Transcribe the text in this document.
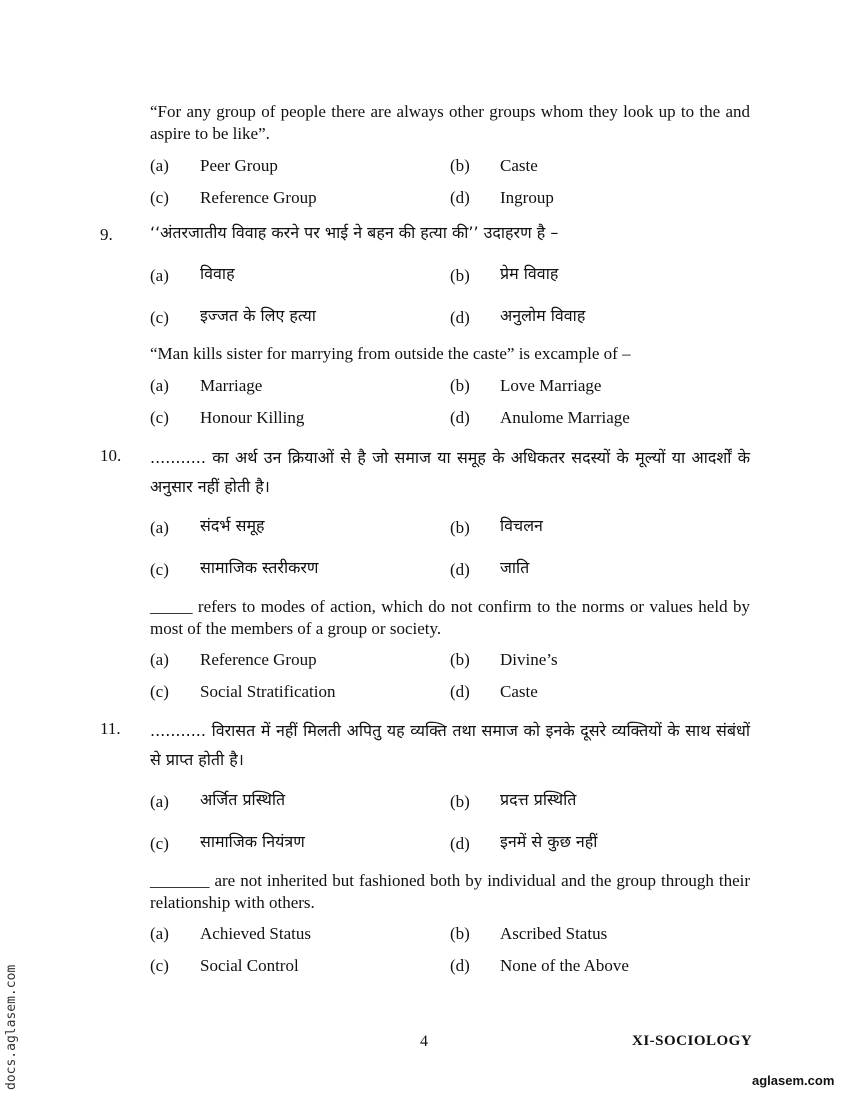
“For any group of people there are always other groups whom they look up to the and aspire to be like”.
(a) Peer Group	(b) Caste
(c) Reference Group	(d) Ingroup
9. ‘‘अंतरजातीय विवाह करने पर भाई ने बहन की हत्या की’’ उदाहरण है –
(a) विवाह	(b) प्रेम विवाह
(c) इज्जत के लिए हत्या	(d) अनुलोम विवाह
“Man kills sister for marrying from outside the caste” is excample of –
(a) Marriage	(b) Love Marriage
(c) Honour Killing	(d) Anulome Marriage
10. ........... का अर्थ उन क्रियाओं से है जो समाज या समूह के अधिकतर सदस्यों के मूल्यों या आदर्शों के अनुसार नहीं होती है।
(a) संदर्भ समूह	(b) विचलन
(c) सामाजिक स्तरीकरण	(d) जाति
_____ refers to modes of action, which do not confirm to the norms or values held by most of the members of a group or society.
(a) Reference Group	(b) Divine’s
(c) Social Stratification	(d) Caste
11. ........... विरासत में नहीं मिलती अपितु यह व्यक्ति तथा समाज को इनके दूसरे व्यक्तियों के साथ संबंधों से प्राप्त होती है।
(a) अर्जित प्रस्थिति	(b) प्रदत्त प्रस्थिति
(c) सामाजिक नियंत्रण	(d) इनमें से कुछ नहीं
_______ are not inherited but fashioned both by individual and the group through their relationship with others.
(a) Achieved Status	(b) Ascribed Status
(c) Social Control	(d) None of the Above
4	XI-SOCIOLOGY
docs.aglasem.com	aglasem.com
